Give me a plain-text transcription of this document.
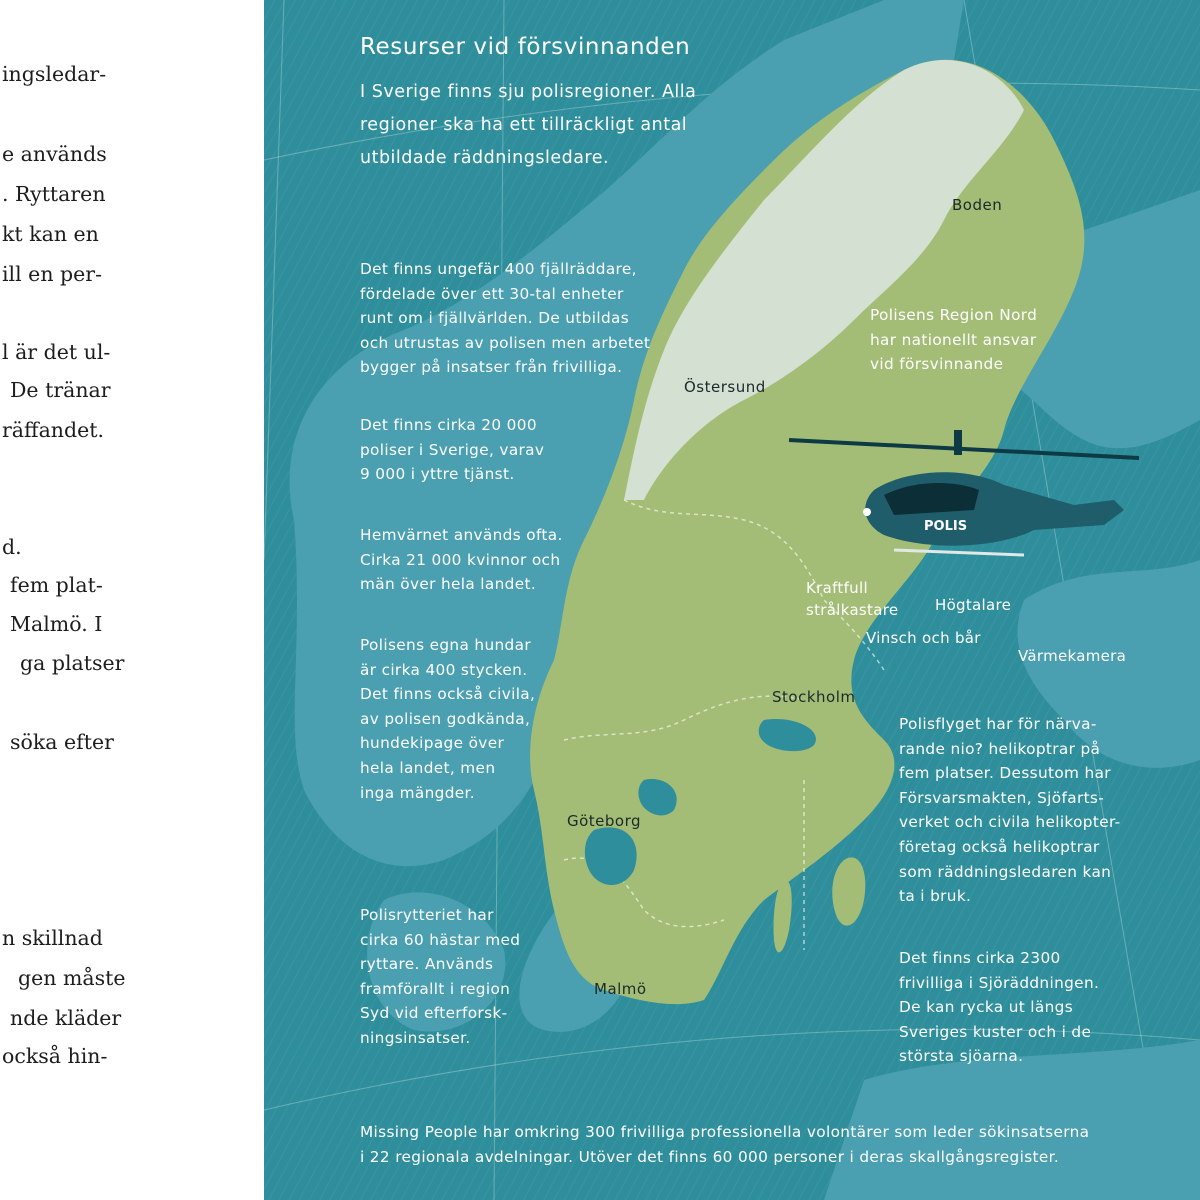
ingsledar-
e används
. Ryttaren
kt kan en
ill en per-
l är det ul-
De tränar
räffandet.
d.
fem plat-
Malmö. I
ga platser
söka efter
n skillnad
gen måste
nde kläder
också hin-
POLIS
Resurser vid försvinnanden
I Sverige finns sju polisregioner. Alla
regioner ska ha ett tillräckligt antal
utbildade räddningsledare.
Det finns ungefär 400 fjällräddare,
fördelade över ett 30-tal enheter
runt om i fjällvärlden. De utbildas
och utrustas av polisen men arbetet
bygger på insatser från frivilliga.
Det finns cirka 20 000
poliser i Sverige, varav
9 000 i yttre tjänst.
Hemvärnet används ofta.
Cirka 21 000 kvinnor och
män över hela landet.
Polisens egna hundar
är cirka 400 stycken.
Det finns också civila,
av polisen godkända,
hundekipage över
hela landet, men
inga mängder.
Polisrytteriet har
cirka 60 hästar med
ryttare. Används
framförallt i region
Syd vid efterforsk-
ningsinsatser.
Polisens Region Nord
har nationellt ansvar
vid försvinnande
Polisflyget har för närva-
rande nio? helikoptrar på
fem platser. Dessutom har
Försvarsmakten, Sjöfarts-
verket och civila helikopter-
företag också helikoptrar
som räddningsledaren kan
ta i bruk.
Det finns cirka 2300
frivilliga i Sjöräddningen.
De kan rycka ut längs
Sveriges kuster och i de
största sjöarna.
Missing People har omkring 300 frivilliga professionella volontärer som leder sökinsatserna
i 22 regionala avdelningar. Utöver det finns 60 000 personer i deras skallgångsregister.
Boden
Östersund
Stockholm
Göteborg
Malmö
Kraftfull
strålkastare Högtalare
Vinsch och bår
Värmekamera
